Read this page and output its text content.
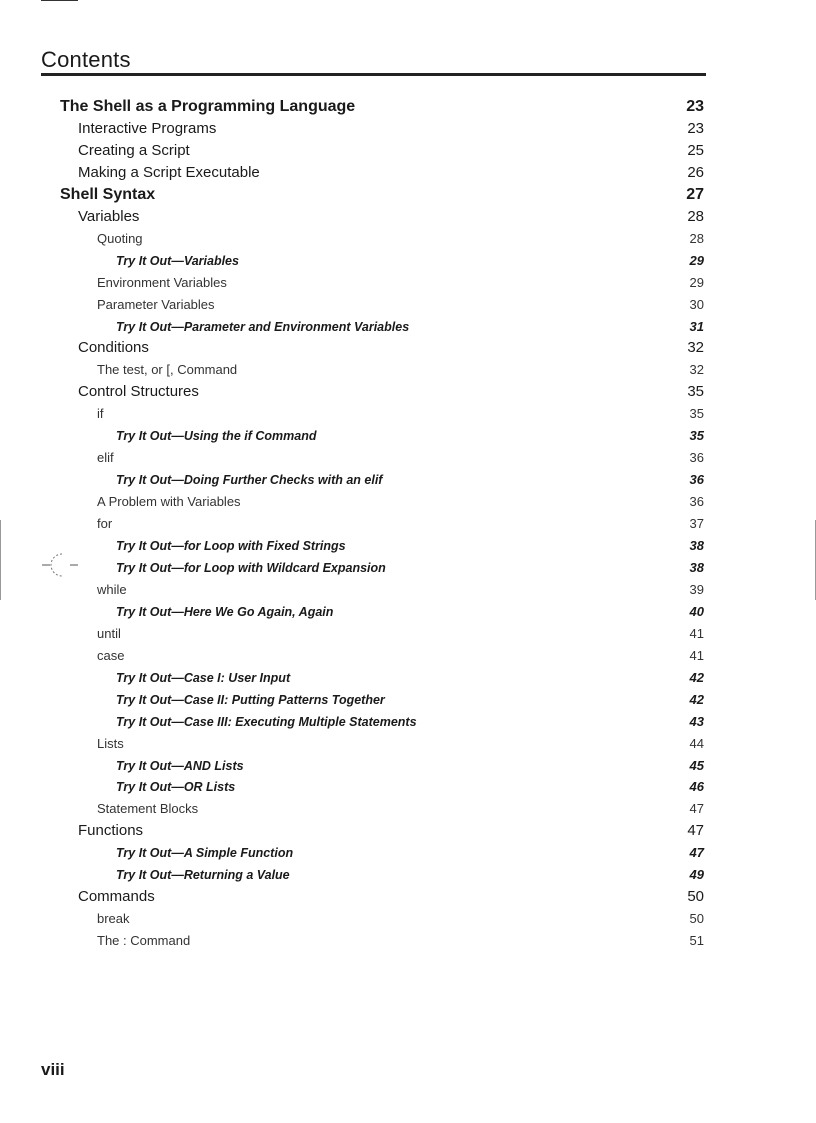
Contents
The Shell as a Programming Language	23
Interactive Programs	23
Creating a Script	25
Making a Script Executable	26
Shell Syntax	27
Variables	28
Quoting	28
Try It Out—Variables	29
Environment Variables	29
Parameter Variables	30
Try It Out—Parameter and Environment Variables	31
Conditions	32
The test, or [, Command	32
Control Structures	35
if	35
Try It Out—Using the if Command	35
elif	36
Try It Out—Doing Further Checks with an elif	36
A Problem with Variables	36
for	37
Try It Out—for Loop with Fixed Strings	38
Try It Out—for Loop with Wildcard Expansion	38
while	39
Try It Out—Here We Go Again, Again	40
until	41
case	41
Try It Out—Case I: User Input	42
Try It Out—Case II: Putting Patterns Together	42
Try It Out—Case III: Executing Multiple Statements	43
Lists	44
Try It Out—AND Lists	45
Try It Out—OR Lists	46
Statement Blocks	47
Functions	47
Try It Out—A Simple Function	47
Try It Out—Returning a Value	49
Commands	50
break	50
The : Command	51
viii
